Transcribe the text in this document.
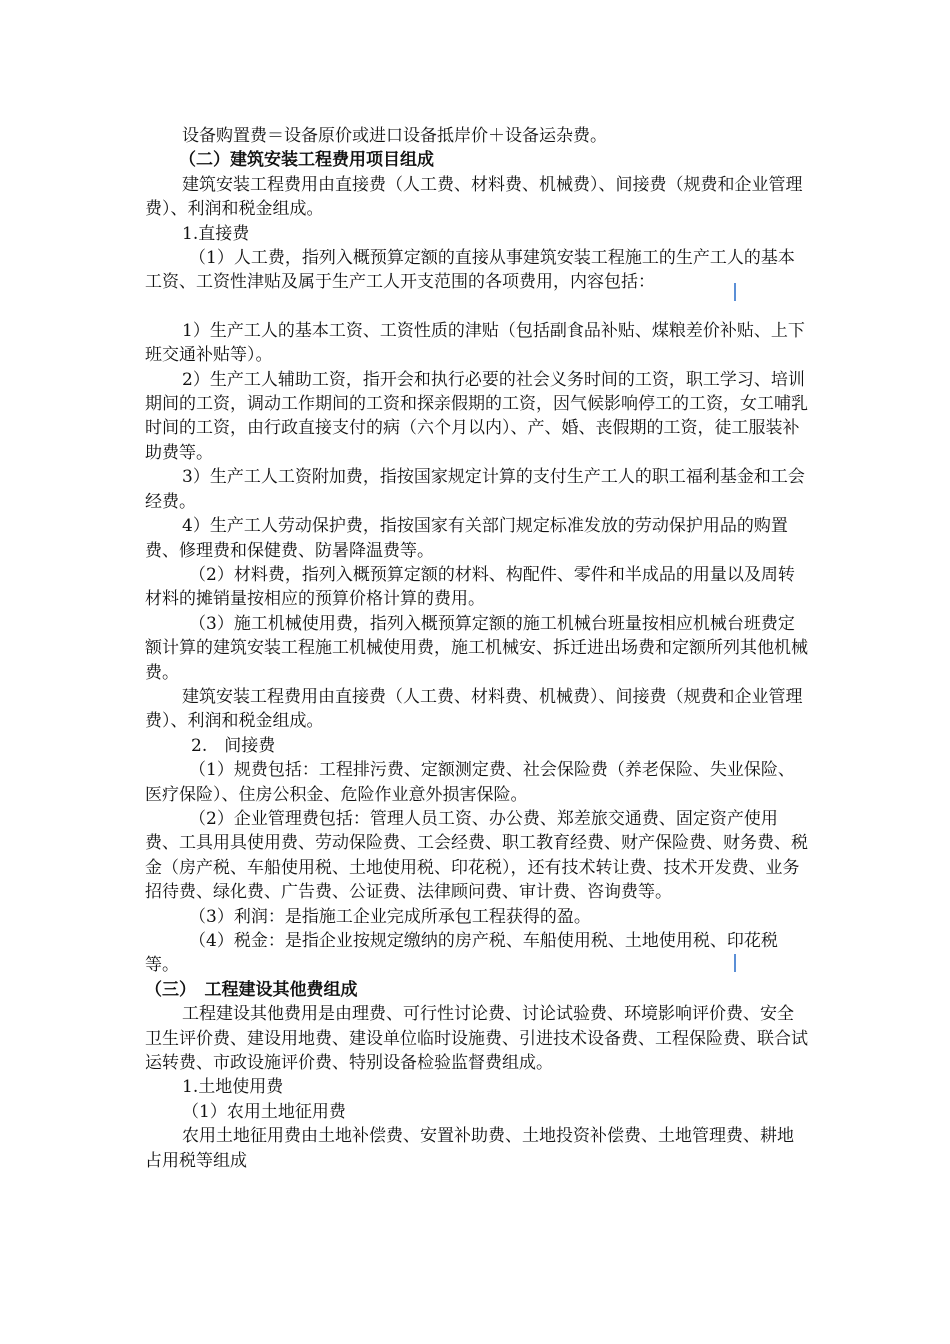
设备购置费＝设备原价或进口设备抵岸价＋设备运杂费。

（二）建筑安装工程费用项目组成

建筑安装工程费用由直接费（人工费、材料费、机械费）、间接费（规费和企业管理费）、利润和税金组成。

1.直接费

（1）人工费，指列入概预算定额的直接从事建筑安装工程施工的生产工人的基本工资、工资性津贴及属于生产工人开支范围的各项费用，内容包括：

1）生产工人的基本工资、工资性质的津贴（包括副食品补贴、煤粮差价补贴、上下班交通补贴等）。

2）生产工人辅助工资，指开会和执行必要的社会义务时间的工资，职工学习、培训期间的工资，调动工作期间的工资和探亲假期的工资，因气候影响停工的工资，女工哺乳时间的工资，由行政直接支付的病（六个月以内）、产、婚、丧假期的工资，徒工服装补助费等。

3）生产工人工资附加费，指按国家规定计算的支付生产工人的职工福利基金和工会经费。

4）生产工人劳动保护费，指按国家有关部门规定标准发放的劳动保护用品的购置费、修理费和保健费、防暑降温费等。

（2）材料费，指列入概预算定额的材料、构配件、零件和半成品的用量以及周转材料的摊销量按相应的预算价格计算的费用。

（3）施工机械使用费，指列入概预算定额的施工机械台班量按相应机械台班费定额计算的建筑安装工程施工机械使用费，施工机械安、拆迁进出场费和定额所列其他机械费。

建筑安装工程费用由直接费（人工费、材料费、机械费）、间接费（规费和企业管理费）、利润和税金组成。

2.　间接费

（1）规费包括：工程排污费、定额测定费、社会保险费（养老保险、失业保险、医疗保险）、住房公积金、危险作业意外损害保险。

（2）企业管理费包括：管理人员工资、办公费、郑差旅交通费、固定资产使用费、工具用具使用费、劳动保险费、工会经费、职工教育经费、财产保险费、财务费、税金（房产税、车船使用税、土地使用税、印花税），还有技术转让费、技术开发费、业务招待费、绿化费、广告费、公证费、法律顾问费、审计费、咨询费等。

（3）利润：是指施工企业完成所承包工程获得的盈。

（4）税金：是指企业按规定缴纳的房产税、车船使用税、土地使用税、印花税等。

（三）　工程建设其他费组成

工程建设其他费用是由理费、可行性讨论费、讨论试验费、环境影响评价费、安全卫生评价费、建设用地费、建设单位临时设施费、引进技术设备费、工程保险费、联合试运转费、市政设施评价费、特别设备检验监督费组成。

1.土地使用费

（1）农用土地征用费

农用土地征用费由土地补偿费、安置补助费、土地投资补偿费、土地管理费、耕地占用税等组成
